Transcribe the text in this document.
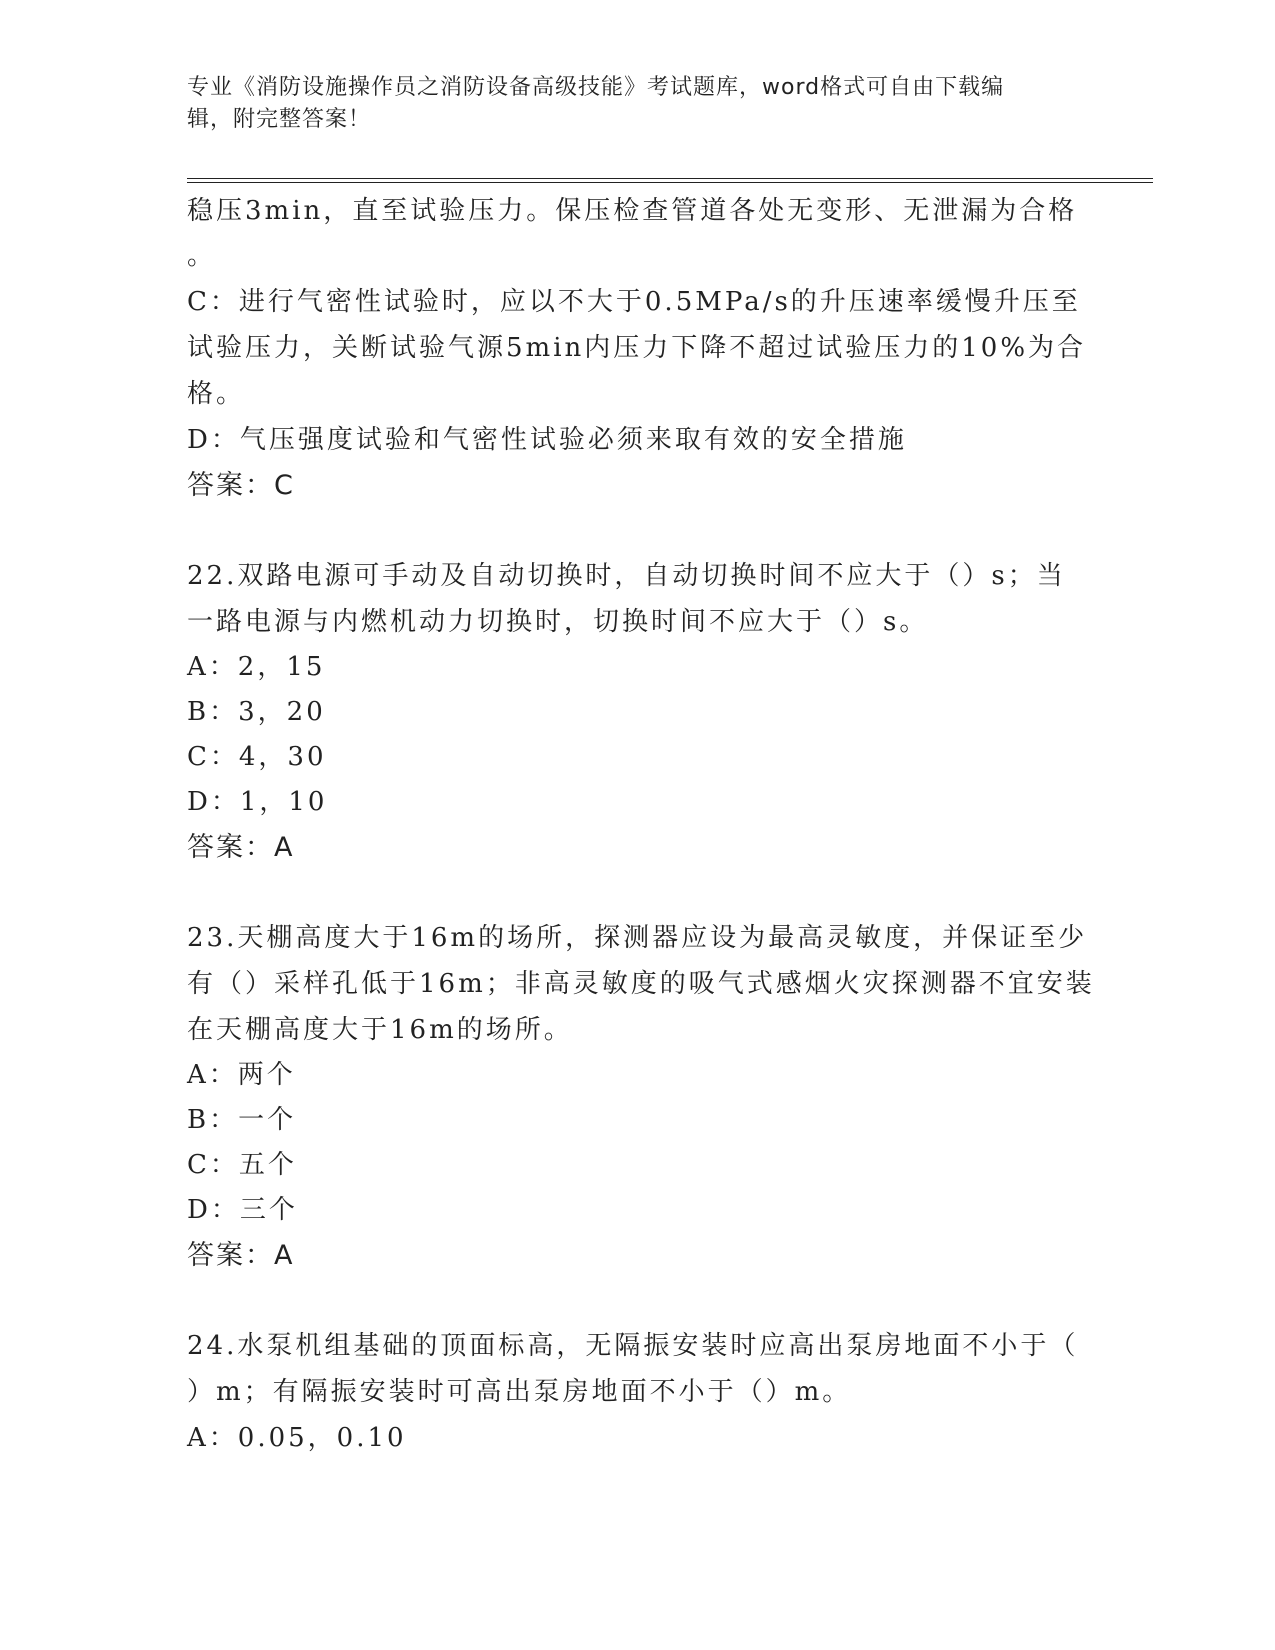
专业《消防设施操作员之消防设备高级技能》考试题库，word格式可自由下载编
辑，附完整答案！
稳压3min，直至试验压力。保压检查管道各处无变形、无泄漏为合格
。
C：进行气密性试验时，应以不大于0.5MPa/s的升压速率缓慢升压至
试验压力，关断试验气源5min内压力下降不超过试验压力的10%为合
格。
D：气压强度试验和气密性试验必须来取有效的安全措施
答案：C
22.双路电源可手动及自动切换时，自动切换时间不应大于（）s；当
一路电源与内燃机动力切换时，切换时间不应大于（）s。
A：2，15
B：3，20
C：4，30
D：1，10
答案：A
23.天棚高度大于16m的场所，探测器应设为最高灵敏度，并保证至少
有（）采样孔低于16m；非高灵敏度的吸气式感烟火灾探测器不宜安装
在天棚高度大于16m的场所。
A：两个
B：一个
C：五个
D：三个
答案：A
24.水泵机组基础的顶面标高，无隔振安装时应高出泵房地面不小于（
）m；有隔振安装时可高出泵房地面不小于（）m。
A：0.05，0.10
